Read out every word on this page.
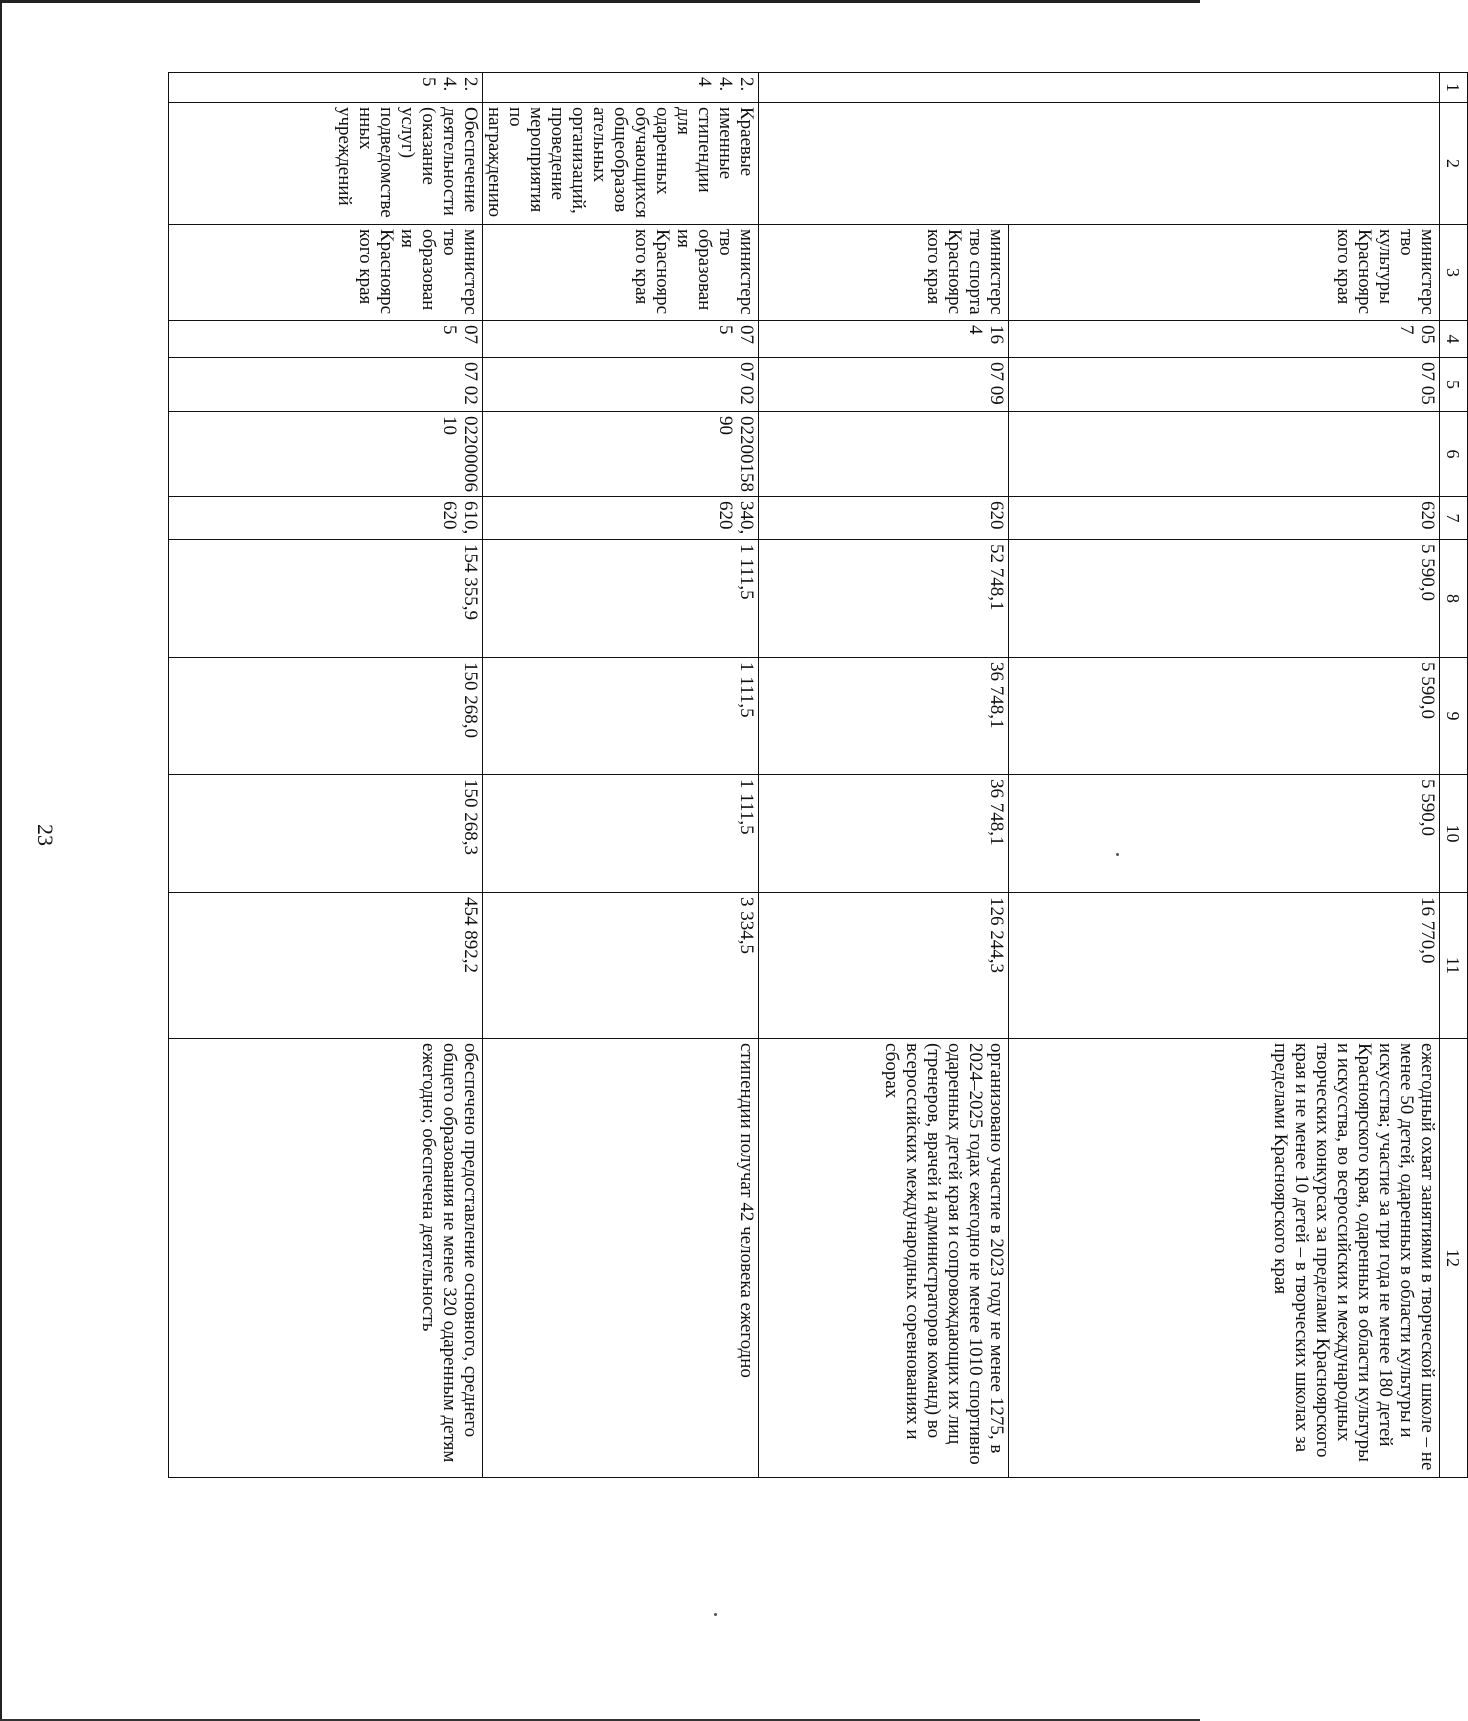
23
1	2	3	4	5	6	7	8	9	10	11	12
		министерство культуры Красноярского края	057	07 05		620	5 590,0	5 590,0	5 590,0	16 770,0	ежегодный охват занятиями в творческой школе – не менее 50 детей, одаренных в области культуры и искусства; участие за три года не менее 180 детей Красноярского края, одаренных в области культуры и искусства, во всероссийских и международных творческих конкурсах за пределами Красноярского края и не менее 10 детей – в творческих школах за пределами Красноярского края
		министерство спорта Красноярского края	164	07 09		620	52 748,1	36 748,1	36 748,1	126 244,3	организовано участие в 2023 году не менее 1275, в 2024–2025 годах ежегодно не менее 1010 спортивно одаренных детей края и сопровождающих их лиц (тренеров, врачей и администраторов команд) во всероссийских международных соревнованиях и сборах
2.4.4	Краевые именные стипендии для одаренных обучающихся общеобразовательных организаций, проведение мероприятия по награждению	министерство образования Красноярского края	075	07 02	0220015890	340, 620	1 111,5	1 111,5	1 111,5	3 334,5	стипендии получат 42 человека ежегодно
2.4.5	Обеспечение деятельности (оказание услуг) подведомственных учреждений	министерство образования Красноярского края	075	07 02	0220000610	610, 620	154 355,9	150 268,0	150 268,3	454 892,2	обеспечено предоставление основного, среднего общего образования не менее 320 одаренным детям ежегодно; обеспечена деятельность
